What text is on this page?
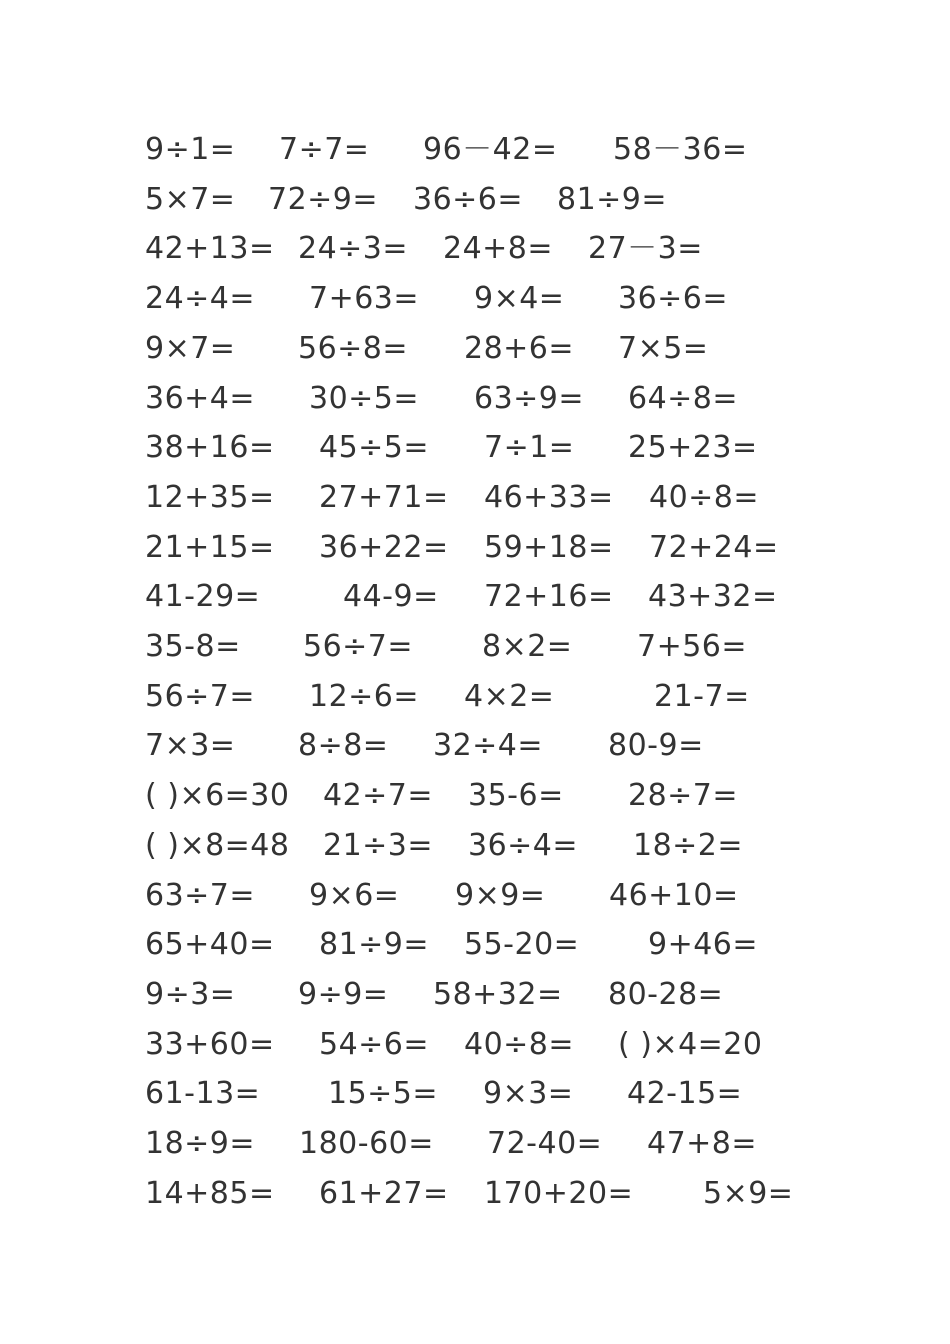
9÷1= 7÷7= 96－42= 58－36=
5×7= 72÷9= 36÷6= 81÷9=
42+13= 24÷3= 24+8= 27－3=
24÷4= 7+63= 9×4= 36÷6=
9×7= 56÷8= 28+6= 7×5=
36+4= 30÷5= 63÷9= 64÷8=
38+16= 45÷5= 7÷1= 25+23=
12+35= 27+71= 46+33= 40÷8=
21+15= 36+22= 59+18= 72+24=
41-29=	44-9= 72+16= 43+32=
35-8= 56÷7= 8×2= 7+56=
56÷7= 12÷6= 4×2=	21-7=
7×3= 8÷8= 32÷4= 80-9=
( )×6=30 42÷7= 35-6= 28÷7=
( )×8=48 21÷3= 36÷4= 18÷2=
63÷7= 9×6= 9×9= 46+10=
65+40= 81÷9= 55-20= 9+46=
9÷3= 9÷9= 58+32= 80-28=
33+60= 54÷6= 40÷8= ( )×4=20
61-13= 15÷5= 9×3= 42-15=
18÷9= 180-60= 72-40= 47+8=
14+85= 61+27= 170+20= 5×9=
